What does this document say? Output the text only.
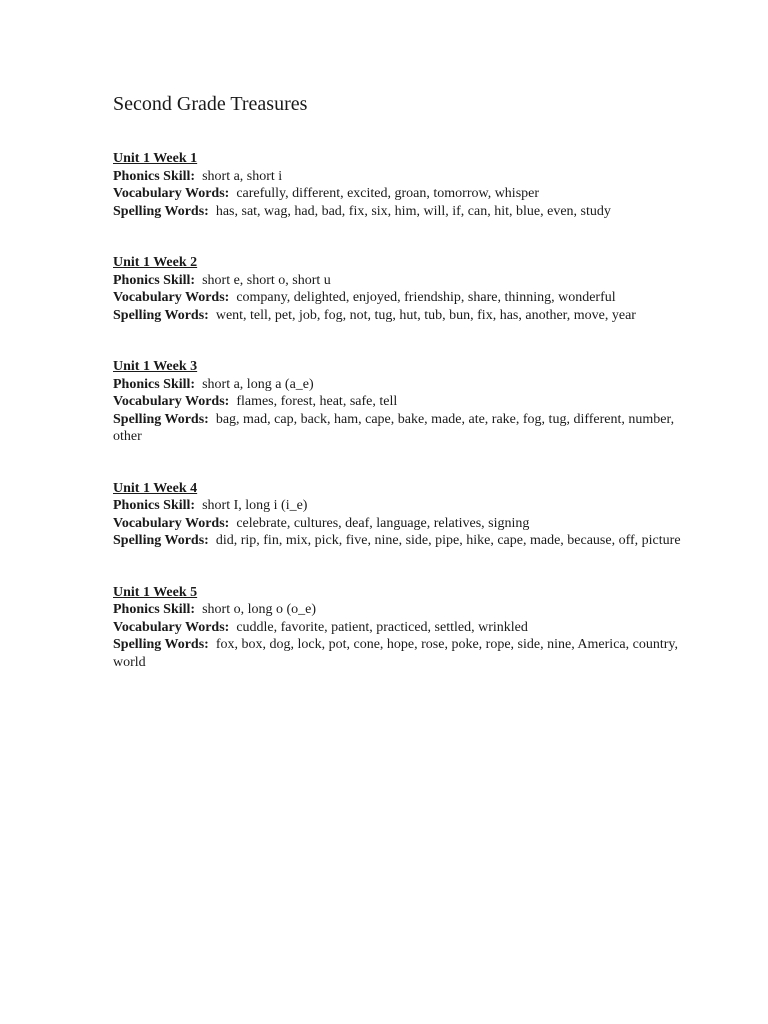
Second Grade Treasures
Unit 1 Week 1
Phonics Skill: short a, short i
Vocabulary Words: carefully, different, excited, groan, tomorrow, whisper
Spelling Words: has, sat, wag, had, bad, fix, six, him, will, if, can, hit, blue, even, study
Unit 1 Week 2
Phonics Skill: short e, short o, short u
Vocabulary Words: company, delighted, enjoyed, friendship, share, thinning, wonderful
Spelling Words: went, tell, pet, job, fog, not, tug, hut, tub, bun, fix, has, another, move, year
Unit 1 Week 3
Phonics Skill: short a, long a (a_e)
Vocabulary Words: flames, forest, heat, safe, tell
Spelling Words: bag, mad, cap, back, ham, cape, bake, made, ate, rake, fog, tug, different, number, other
Unit 1 Week 4
Phonics Skill: short I, long i (i_e)
Vocabulary Words: celebrate, cultures, deaf, language, relatives, signing
Spelling Words: did, rip, fin, mix, pick, five, nine, side, pipe, hike, cape, made, because, off, picture
Unit 1 Week 5
Phonics Skill: short o, long o (o_e)
Vocabulary Words: cuddle, favorite, patient, practiced, settled, wrinkled
Spelling Words: fox, box, dog, lock, pot, cone, hope, rose, poke, rope, side, nine, America, country, world
